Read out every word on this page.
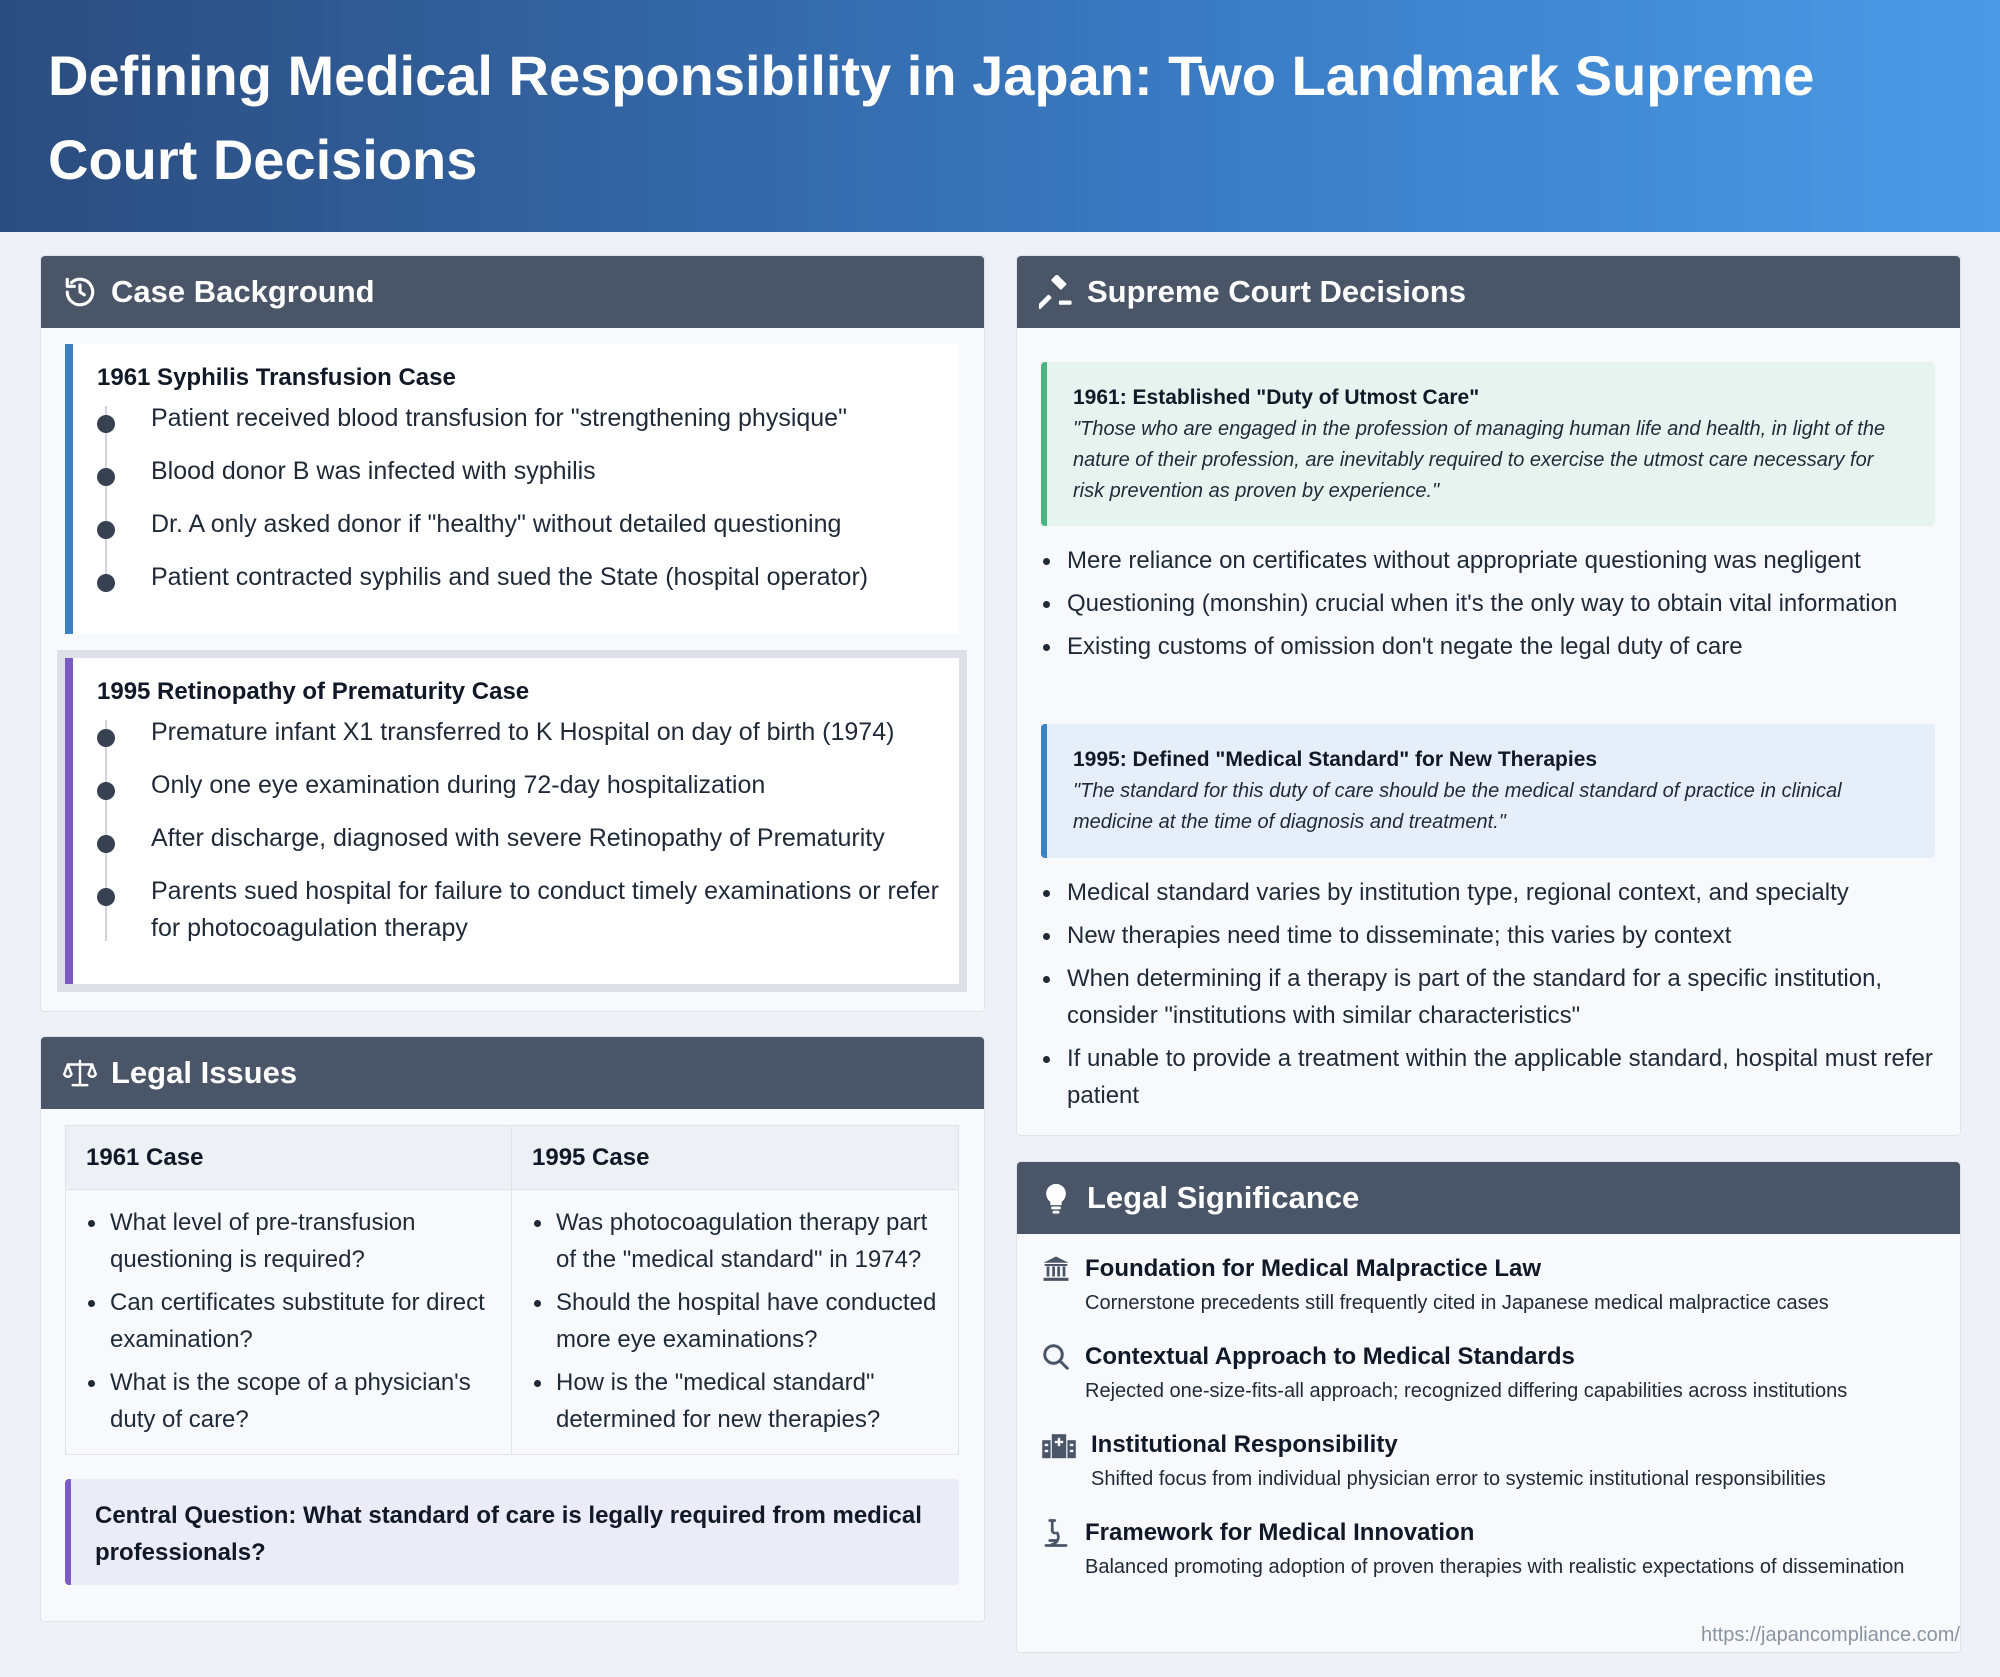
Defining Medical Responsibility in Japan: Two Landmark Supreme Court Decisions
Case Background
1961 Syphilis Transfusion Case
Patient received blood transfusion for "strengthening physique"
Blood donor B was infected with syphilis
Dr. A only asked donor if "healthy" without detailed questioning
Patient contracted syphilis and sued the State (hospital operator)
1995 Retinopathy of Prematurity Case
Premature infant X1 transferred to K Hospital on day of birth (1974)
Only one eye examination during 72-day hospitalization
After discharge, diagnosed with severe Retinopathy of Prematurity
Parents sued hospital for failure to conduct timely examinations or refer for photocoagulation therapy
Legal Issues
1961 Case	1995 Case
What level of pre-transfusion questioning is required?
Can certificates substitute for direct examination?
What is the scope of a physician's duty of care?
Was photocoagulation therapy part of the "medical standard" in 1974?
Should the hospital have conducted more eye examinations?
How is the "medical standard" determined for new therapies?
Central Question: What standard of care is legally required from medical professionals?
Supreme Court Decisions
1961: Established "Duty of Utmost Care"

"Those who are engaged in the profession of managing human life and health, in light of the nature of their profession, are inevitably required to exercise the utmost care necessary for risk prevention as proven by experience."

Mere reliance on certificates without appropriate questioning was negligent
Questioning (monshin) crucial when it's the only way to obtain vital information
Existing customs of omission don't negate the legal duty of care
1995: Defined "Medical Standard" for New Therapies

"The standard for this duty of care should be the medical standard of practice in clinical medicine at the time of diagnosis and treatment."

Medical standard varies by institution type, regional context, and specialty
New therapies need time to disseminate; this varies by context
When determining if a therapy is part of the standard for a specific institution, consider "institutions with similar characteristics"
If unable to provide a treatment within the applicable standard, hospital must refer patient
Legal Significance
Foundation for Medical Malpractice Law

Cornerstone precedents still frequently cited in Japanese medical malpractice cases

Contextual Approach to Medical Standards

Rejected one-size-fits-all approach; recognized differing capabilities across institutions

Institutional Responsibility

Shifted focus from individual physician error to systemic institutional responsibilities

Framework for Medical Innovation

Balanced promoting adoption of proven therapies with realistic expectations of dissemination

https://japancompliance.com/
